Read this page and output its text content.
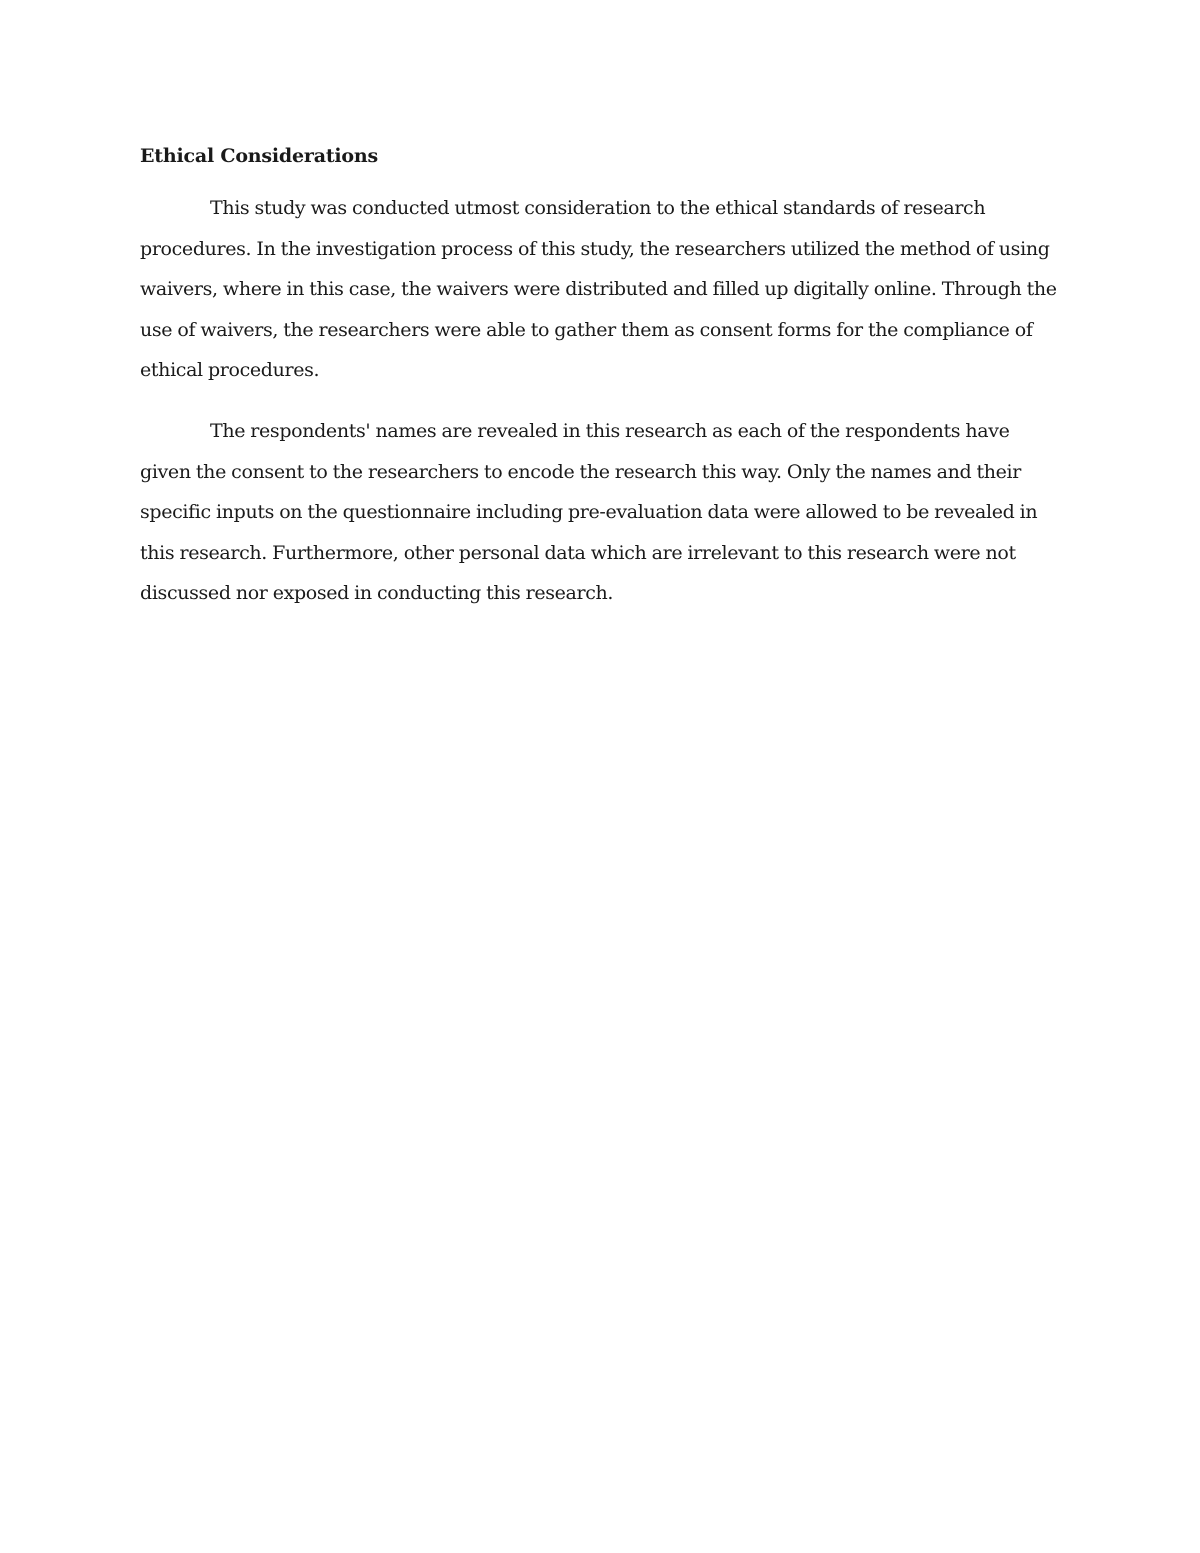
Ethical Considerations

This study was conducted utmost consideration to the ethical standards of research procedures. In the investigation process of this study, the researchers utilized the method of using waivers, where in this case, the waivers were distributed and filled up digitally online. Through the use of waivers, the researchers were able to gather them as consent forms for the compliance of ethical procedures.

The respondents' names are revealed in this research as each of the respondents have given the consent to the researchers to encode the research this way. Only the names and their specific inputs on the questionnaire including pre-evaluation data were allowed to be revealed in this research. Furthermore, other personal data which are irrelevant to this research were not discussed nor exposed in conducting this research.
